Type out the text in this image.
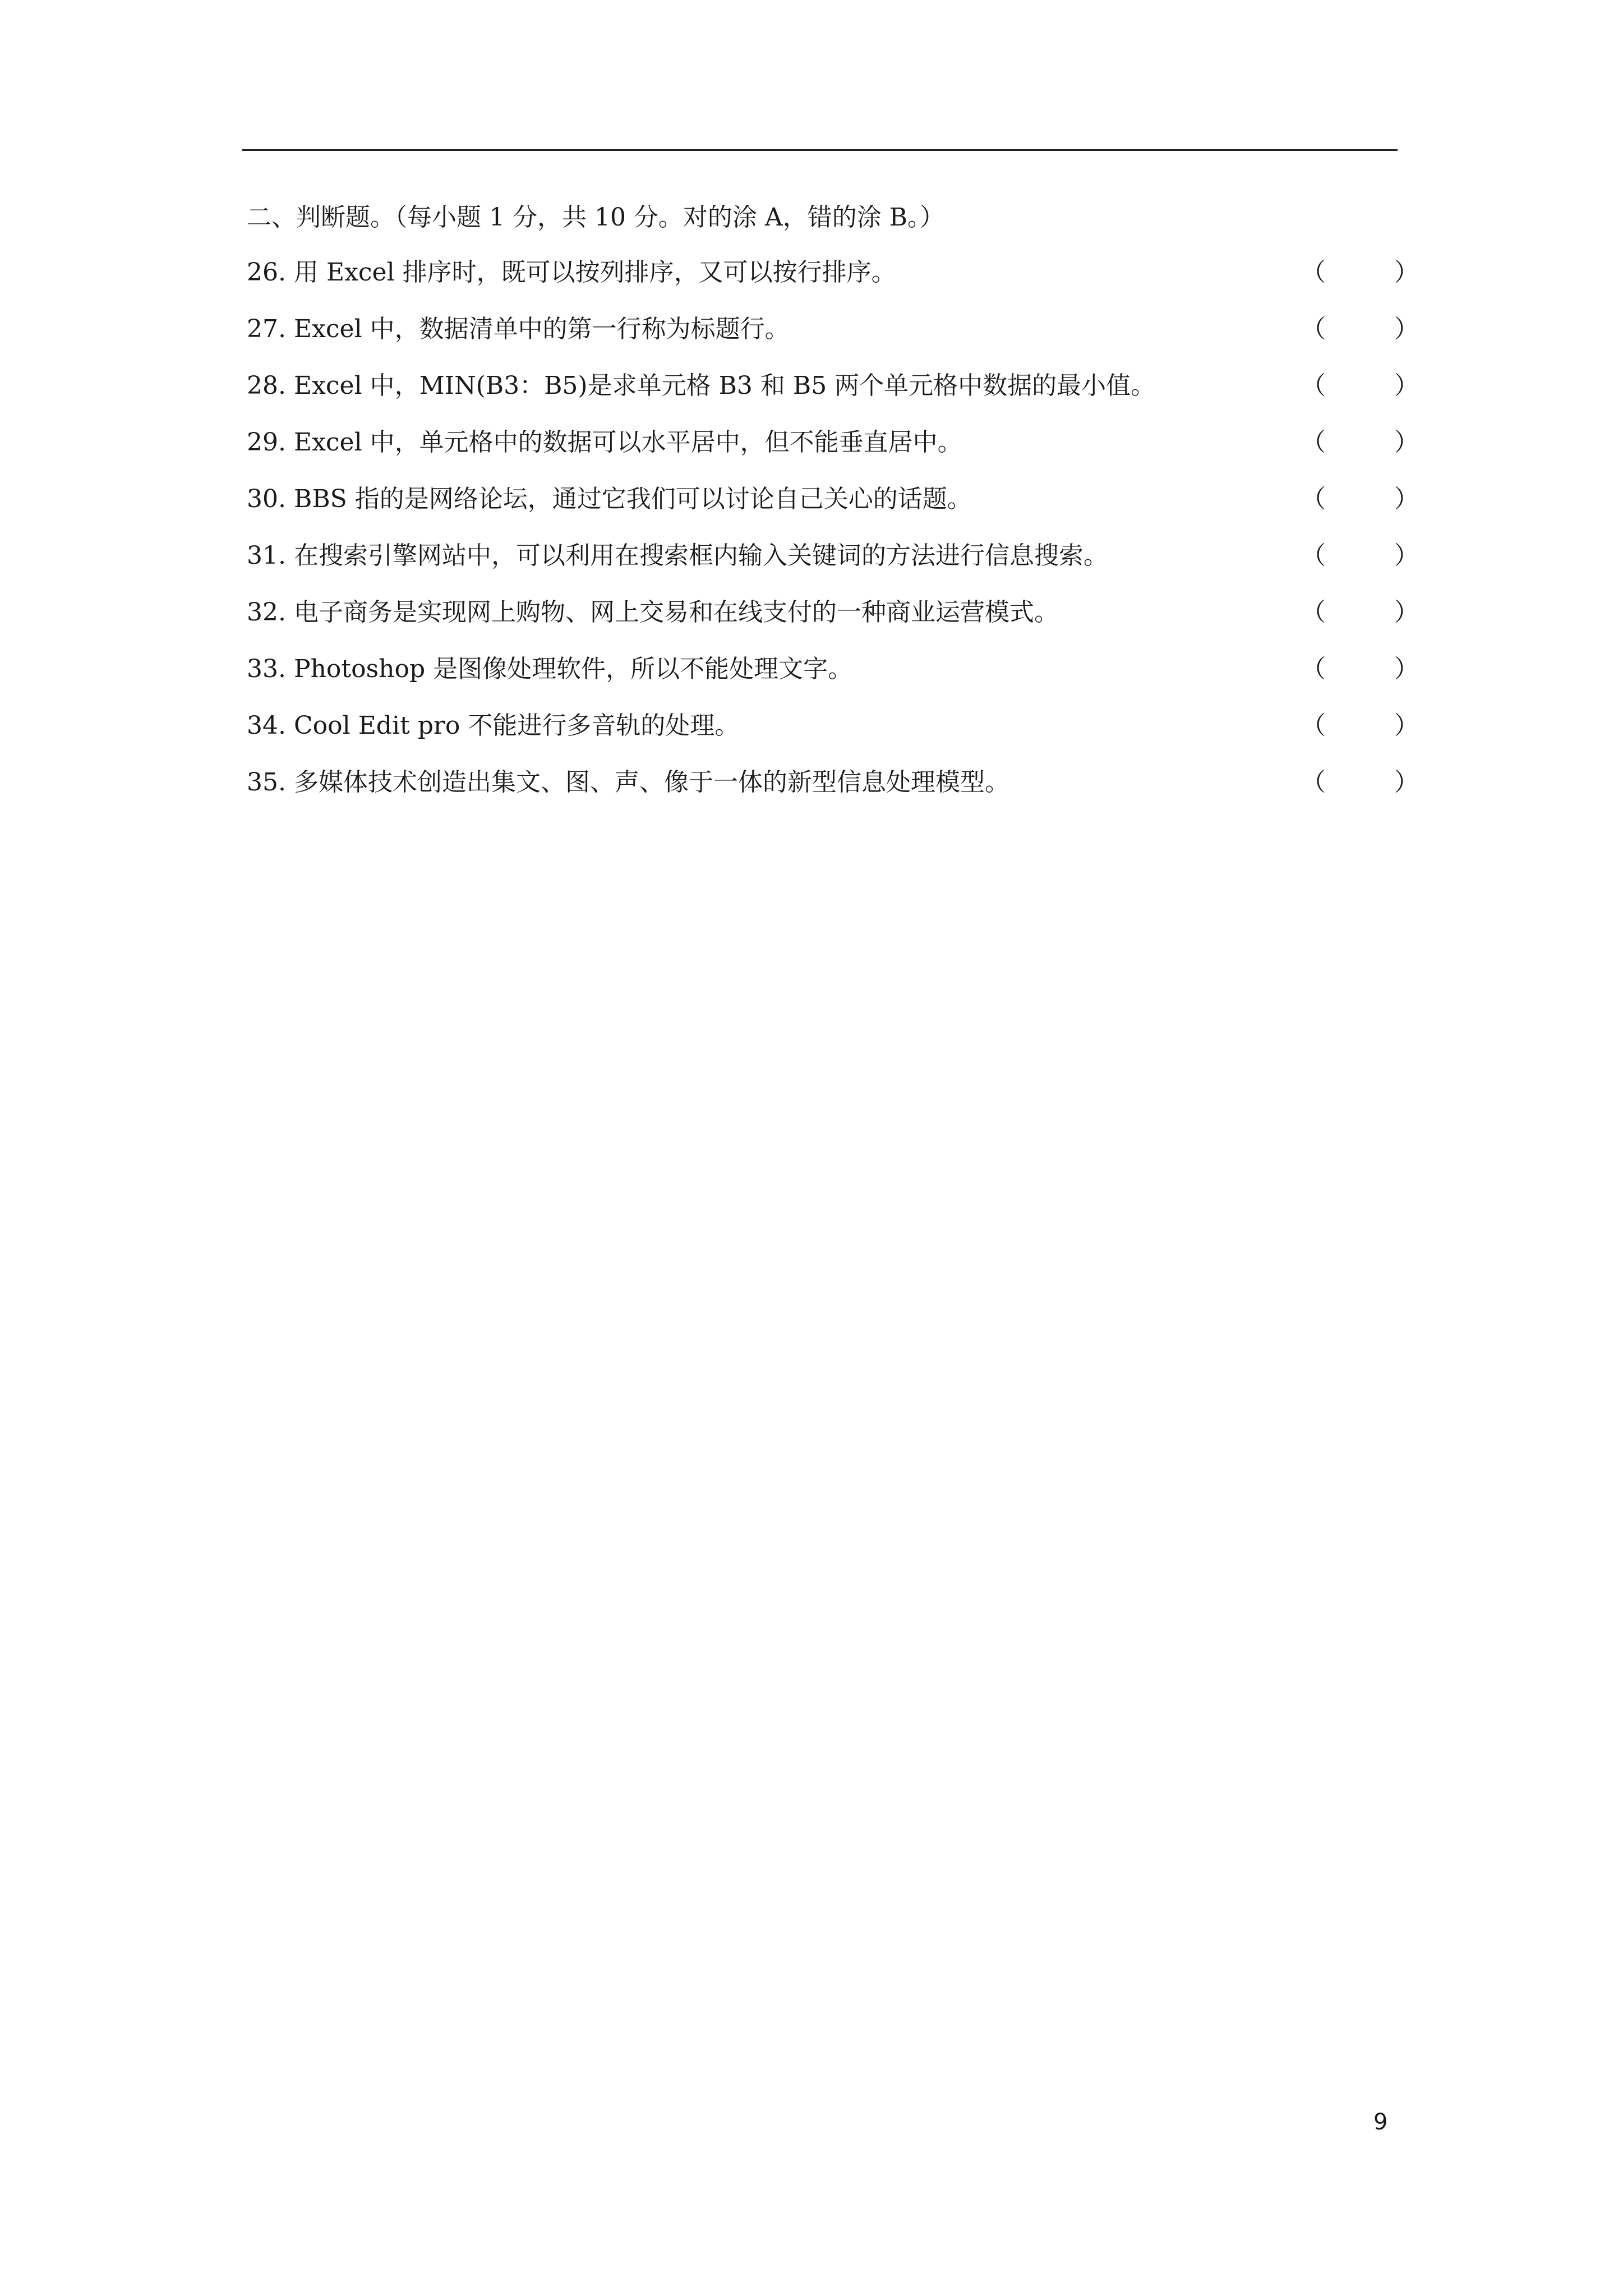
二、判断题。（每小题 1 分，共 10 分。对的涂 A，错的涂 B。）
26. 用 Excel 排序时，既可以按列排序，又可以按行排序。	（	）
27. Excel 中，数据清单中的第一行称为标题行。	（	）
28. Excel 中，MIN(B3：B5)是求单元格 B3 和 B5 两个单元格中数据的最小值。	（	）
29. Excel 中，单元格中的数据可以水平居中，但不能垂直居中。	（	）
30. BBS 指的是网络论坛，通过它我们可以讨论自己关心的话题。	（	）
31. 在搜索引擎网站中，可以利用在搜索框内输入关键词的方法进行信息搜索。	（	）
32. 电子商务是实现网上购物、网上交易和在线支付的一种商业运营模式。	（	）
33. Photoshop 是图像处理软件，所以不能处理文字。	（	）
34. Cool Edit pro 不能进行多音轨的处理。	（	）
35. 多媒体技术创造出集文、图、声、像于一体的新型信息处理模型。	（	）
9
